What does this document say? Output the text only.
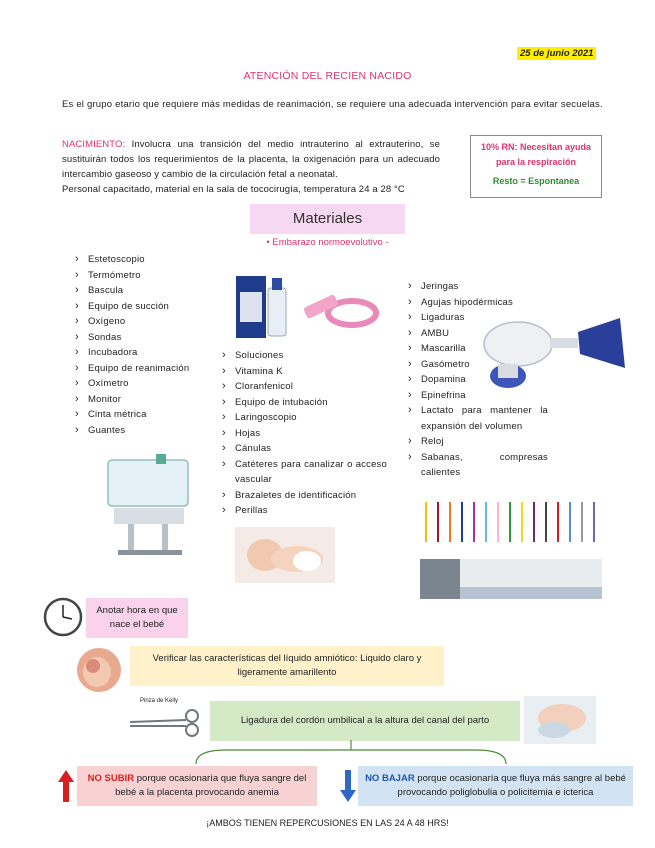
25 de junio 2021
ATENCIÓN DEL RECIEN NACIDO
Es el grupo etario que requiere más medidas de reanimación, se requiere una adecuada intervención para evitar secuelas.
NACIMIENTO: Involucra una transición del medio intrauterino al extrauterino, se sustituirán todos los requerimientos de la placenta, la oxigenación para un adecuado intercambio gaseoso y cambio de la circulación fetal a neonatal.
Personal capacitado, material en la sala de tococirugía, temperatura 24 a 28 °C
10% RN: Necesitan ayuda
para la respiración
Resto = Espontanea
Materiales
• Embarazo normoevolutivo -
› Estetoscopio
› Termómetro
› Bascula
› Equipo de succión
› Oxígeno
› Sondas
› Incubadora
› Equipo de reanimación
› Oxímetro
› Monitor
› Cinta métrica
› Guantes
› Soluciones
› Vitamina K
› Cloranfenicol
› Equipo de intubación
› Laringoscopio
› Hojas
› Cánulas
› Catéteres para canalizar o acceso vascular
› Brazaletes de identificación
› Perillas
› Jeringas
› Agujas hipodérmicas
› Ligaduras
› AMBU
› Mascarilla
› Gasómetro
› Dopamina
› Epinefrina
› Lactato para mantener la expansión del volumen
› Reloj
› Sabanas, compresas calientes
Pinza de Kelly
Anotar hora en que nace el bebé
Verificar las características del líquido amniótico: Liquido claro y ligeramente amarillento
Ligadura del cordón umbilical a la altura del canal del parto
NO SUBIR porque ocasionaría que fluya sangre del bebé a la placenta provocando anemia
NO BAJAR porque ocasionaría que fluya más sangre al bebé provocando poliglobulia o policitemia e icterica
¡AMBOS TIENEN REPERCUSIONES EN LAS 24 A 48 HRS!
